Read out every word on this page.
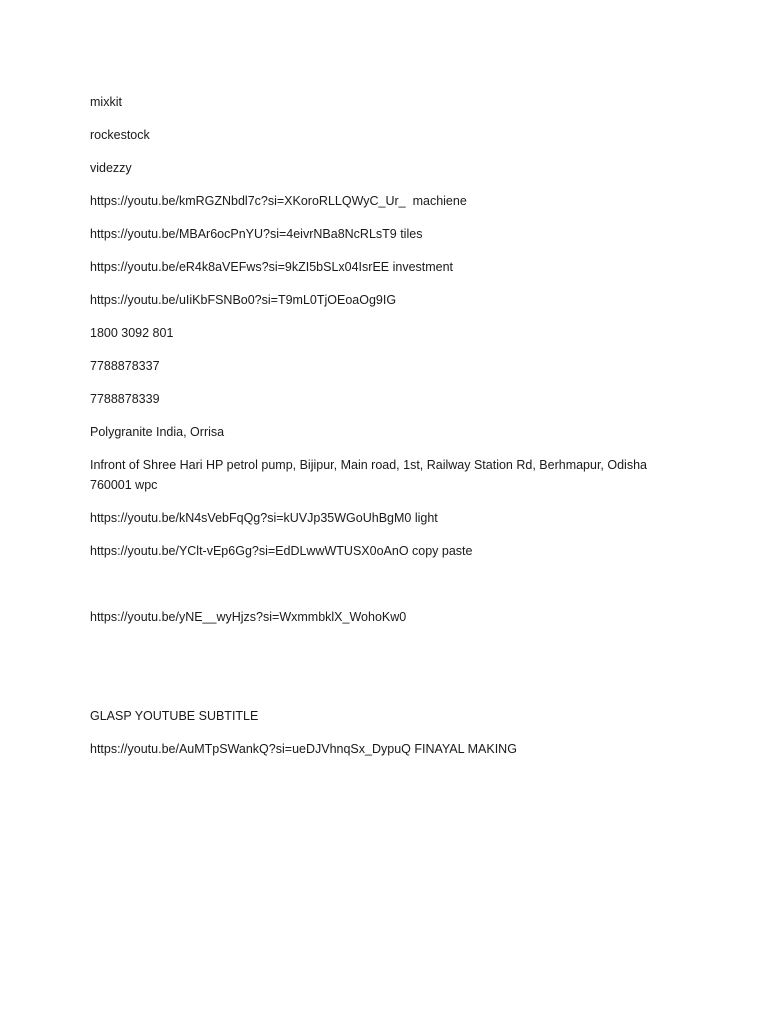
mixkit

rockestock

videzzy

https://youtu.be/kmRGZNbdl7c?si=XKoroRLLQWyC_Ur_  machiene

https://youtu.be/MBAr6ocPnYU?si=4eivrNBa8NcRLsT9 tiles

https://youtu.be/eR4k8aVEFws?si=9kZI5bSLx04IsrEE investment

https://youtu.be/uIiKbFSNBo0?si=T9mL0TjOEoaOg9IG

1800 3092 801

7788878337

7788878339

Polygranite India, Orrisa

Infront of Shree Hari HP petrol pump, Bijipur, Main road, 1st, Railway Station Rd, Berhmapur, Odisha 760001 wpc

https://youtu.be/kN4sVebFqQg?si=kUVJp35WGoUhBgM0 light

https://youtu.be/YClt-vEp6Gg?si=EdDLwwWTUSX0oAnO copy paste

https://youtu.be/yNE__wyHjzs?si=WxmmbklX_WohoKw0

GLASP YOUTUBE SUBTITLE

https://youtu.be/AuMTpSWankQ?si=ueDJVhnqSx_DypuQ FINAYAL MAKING
